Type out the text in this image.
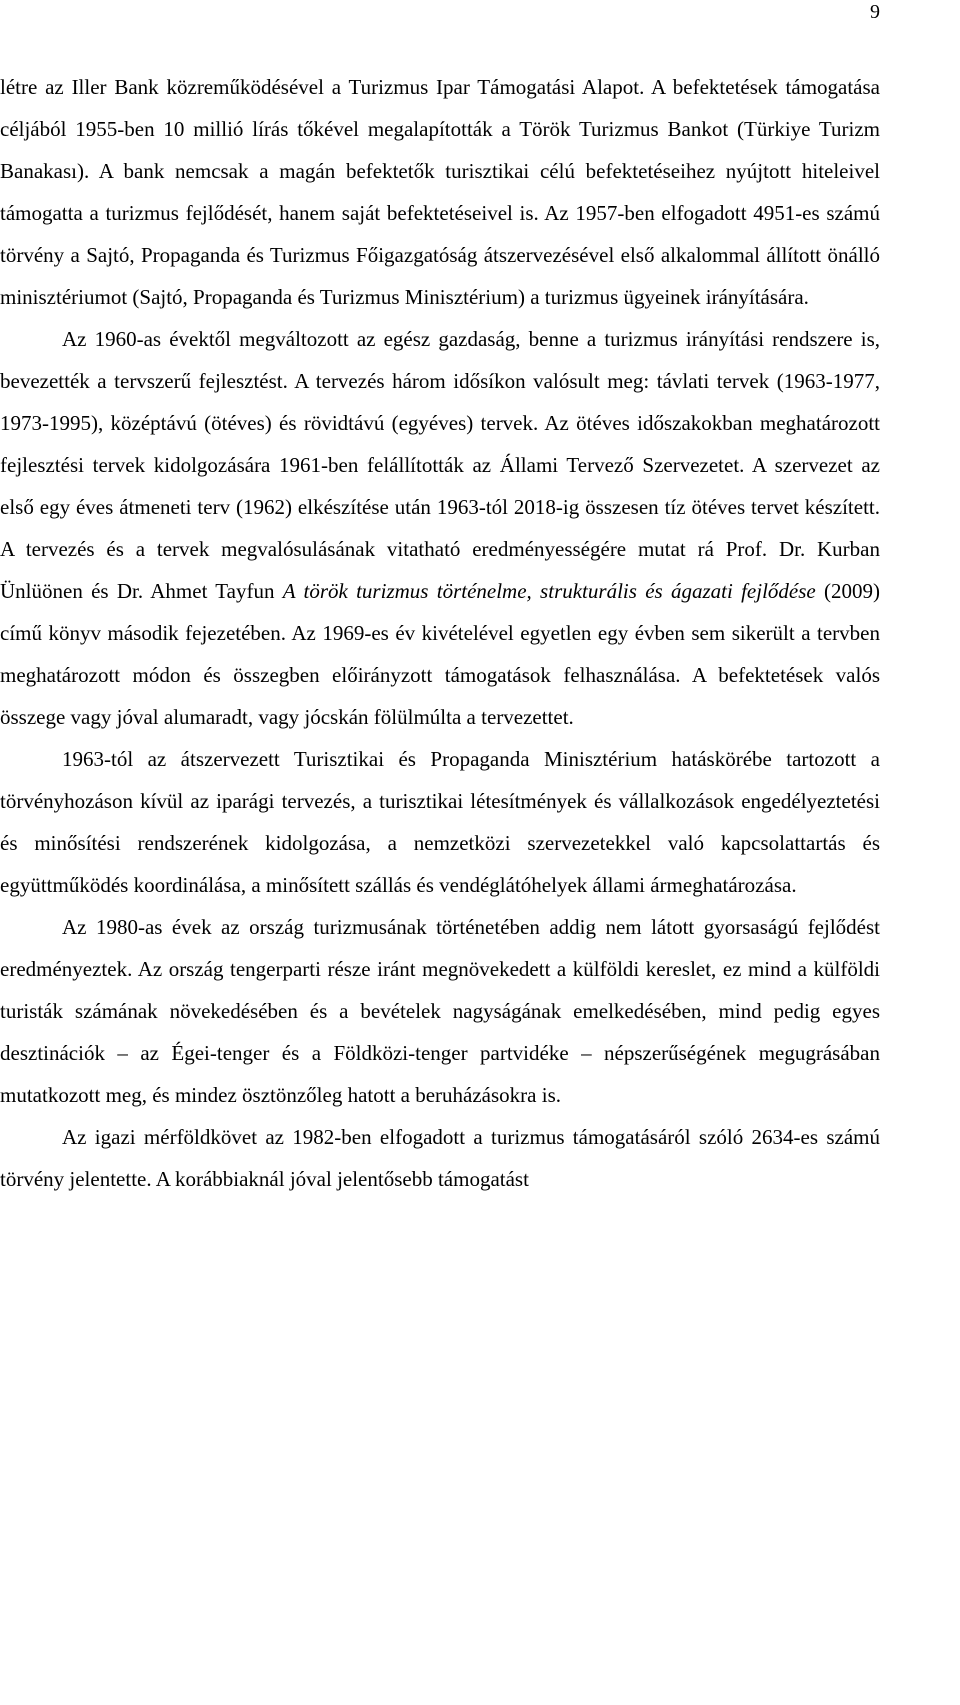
9

létre az Iller Bank közreműködésével a Turizmus Ipar Támogatási Alapot. A befektetések támogatása céljából 1955-ben 10 millió lírás tőkével megalapították a Török Turizmus Bankot (Türkiye Turizm Banakası). A bank nemcsak a magán befektetők turisztikai célú befektetéseihez nyújtott hiteleivel támogatta a turizmus fejlődését, hanem saját befektetéseivel is. Az 1957-ben elfogadott 4951-es számú törvény a Sajtó, Propaganda és Turizmus Főigazgatóság átszervezésével első alkalommal állított önálló minisztériumot (Sajtó, Propaganda és Turizmus Minisztérium) a turizmus ügyeinek irányítására.

Az 1960-as évektől megváltozott az egész gazdaság, benne a turizmus irányítási rendszere is, bevezették a tervszerű fejlesztést. A tervezés három idősíkon valósult meg: távlati tervek (1963-1977, 1973-1995), középtávú (ötéves) és rövidtávú (egyéves) tervek. Az ötéves időszakokban meghatározott fejlesztési tervek kidolgozására 1961-ben felállították az Állami Tervező Szervezetet. A szervezet az első egy éves átmeneti terv (1962) elkészítése után 1963-tól 2018-ig összesen tíz ötéves tervet készített. A tervezés és a tervek megvalósulásának vitatható eredményességére mutat rá Prof. Dr. Kurban Ünlüönen és Dr. Ahmet Tayfun A török turizmus történelme, strukturális és ágazati fejlődése (2009) című könyv második fejezetében. Az 1969-es év kivételével egyetlen egy évben sem sikerült a tervben meghatározott módon és összegben előirányzott támogatások felhasználása. A befektetések valós összege vagy jóval alumaradt, vagy jócskán fölülmúlta a tervezettet.

1963-tól az átszervezett Turisztikai és Propaganda Minisztérium hatáskörébe tartozott a törvényhozáson kívül az iparági tervezés, a turisztikai létesítmények és vállalkozások engedélyeztetési és minősítési rendszerének kidolgozása, a nemzetközi szervezetekkel való kapcsolattartás és együttműködés koordinálása, a minősített szállás és vendéglátóhelyek állami ármeghatározása.

Az 1980-as évek az ország turizmusának történetében addig nem látott gyorsaságú fejlődést eredményeztek. Az ország tengerparti része iránt megnövekedett a külföldi kereslet, ez mind a külföldi turisták számának növekedésében és a bevételek nagyságának emelkedésében, mind pedig egyes desztinációk – az Égei-tenger és a Földközi-tenger partvidéke – népszerűségének megugrásában mutatkozott meg, és mindez ösztönzőleg hatott a beruházásokra is.

Az igazi mérföldkövet az 1982-ben elfogadott a turizmus támogatásáról szóló 2634-es számú törvény jelentette. A korábbiaknál jóval jelentősebb támogatást
